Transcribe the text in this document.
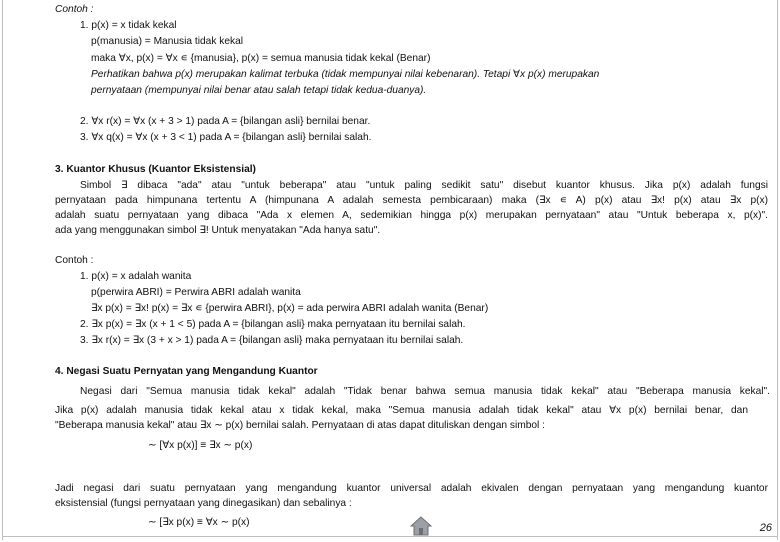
Contoh :
1. p(x) = x tidak kekal
p(manusia) = Manusia tidak kekal
maka ∀x, p(x) = ∀x ∊ {manusia}, p(x) = semua manusia tidak kekal (Benar)
Perhatikan bahwa p(x) merupakan kalimat terbuka (tidak mempunyai nilai kebenaran). Tetapi ∀x p(x) merupakan
pernyataan (mempunyai nilai benar atau salah tetapi tidak kedua-duanya).
2. ∀x r(x) = ∀x (x + 3 > 1) pada A = {bilangan asli} bernilai benar.
3. ∀x q(x) = ∀x (x + 3 < 1) pada A = {bilangan asli} bernilai salah.
3. Kuantor Khusus (Kuantor Eksistensial)
Simbol ∃ dibaca "ada" atau "untuk beberapa" atau "untuk paling sedikit satu" disebut kuantor khusus. Jika p(x) adalah fungsi
pernyataan pada himpunana tertentu A (himpunana A adalah semesta pembicaraan) maka (∃x ∊ A) p(x) atau ∃x! p(x) atau ∃x p(x)
adalah suatu pernyataan yang dibaca "Ada x elemen A, sedemikian hingga p(x) merupakan pernyataan" atau "Untuk beberapa x, p(x)".
ada yang menggunakan simbol ∃! Untuk menyatakan "Ada hanya satu".
Contoh :
1. p(x) = x adalah wanita
p(perwira ABRI) = Perwira ABRI adalah wanita
∃x p(x) = ∃x! p(x) = ∃x ∊ {perwira ABRI}, p(x) = ada perwira ABRI adalah wanita (Benar)
2. ∃x p(x) = ∃x (x + 1 < 5) pada A = {bilangan asli} maka pernyataan itu bernilai salah.
3. ∃x r(x) = ∃x (3 + x > 1) pada A = {bilangan asli} maka pernyataan itu bernilai salah.
4. Negasi Suatu Pernyatan yang Mengandung Kuantor
Negasi dari "Semua manusia tidak kekal" adalah "Tidak benar bahwa semua manusia tidak kekal" atau "Beberapa manusia kekal".
Jika p(x) adalah manusia tidak kekal atau x tidak kekal, maka "Semua manusia adalah tidak kekal" atau ∀x p(x) bernilai benar, dan
"Beberapa manusia kekal" atau ∃x ∼ p(x) bernilai salah. Pernyataan di atas dapat dituliskan dengan simbol :
∼ [∀x p(x)] ≡ ∃x ∼ p(x)
Jadi negasi dari suatu pernyataan yang mengandung kuantor universal adalah ekivalen dengan pernyataan yang mengandung kuantor
eksistensial (fungsi pernyataan yang dinegasikan) dan sebalinya :
∼ [∃x p(x) ≡ ∀x ∼ p(x)	26
